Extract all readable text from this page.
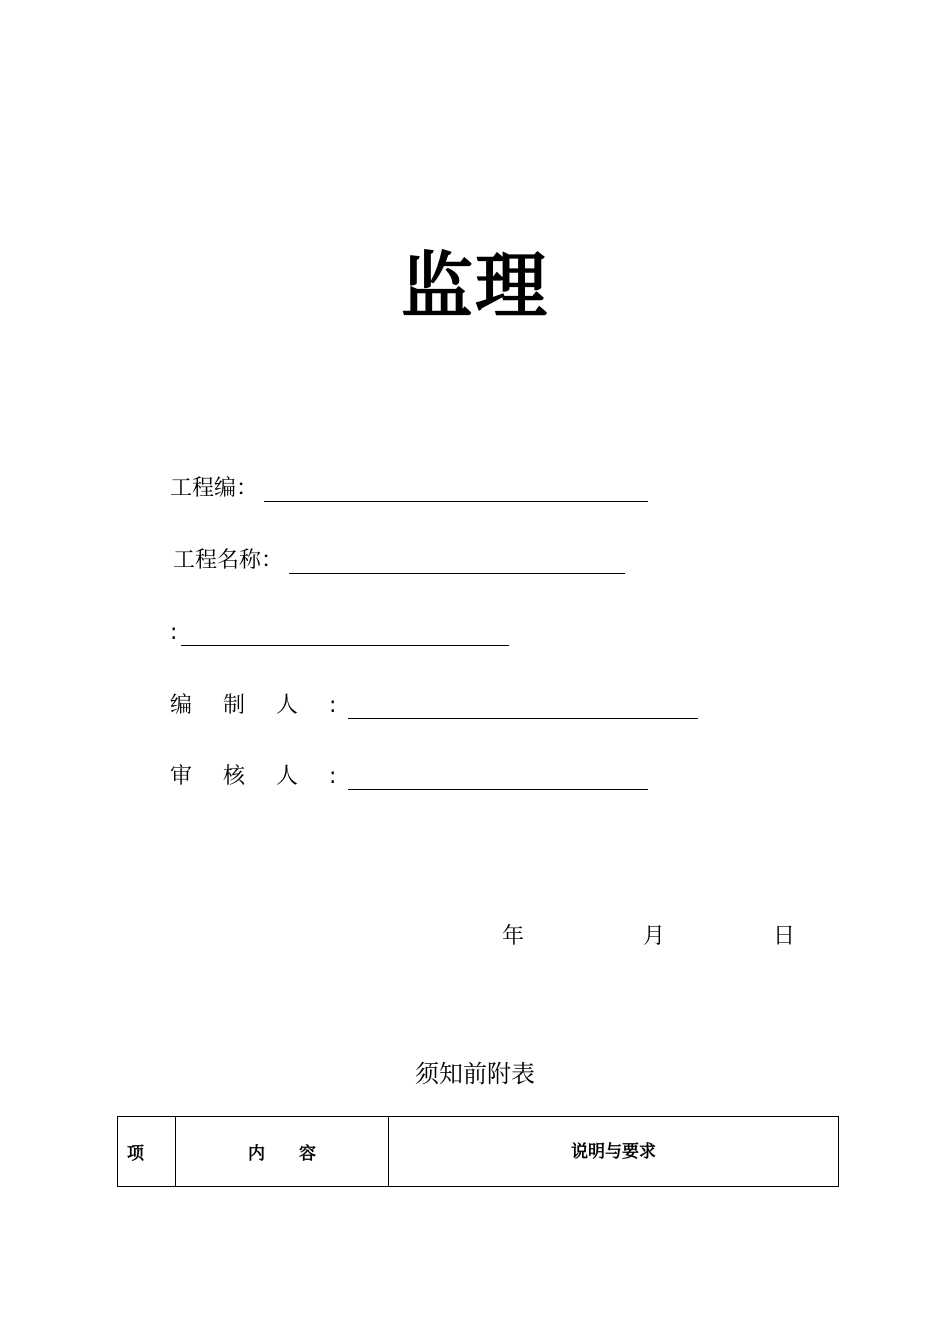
监理
工程编：
工程名称：
:
编 制 人 :
审 核 人 :
年	月	日
须知前附表
项	内　　容	说明与要求
